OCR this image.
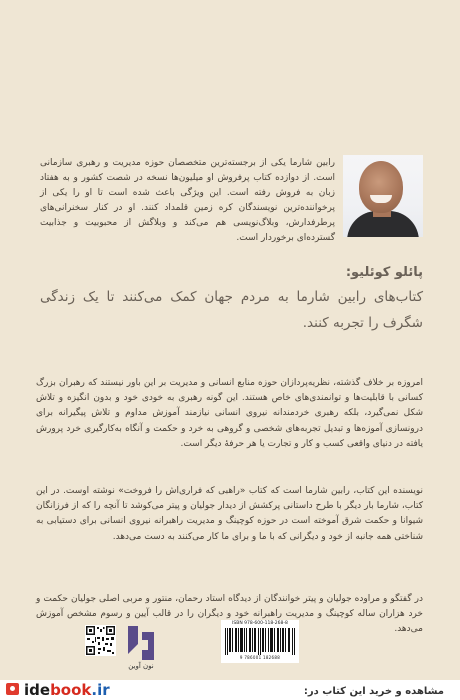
رابین شارما یکی از برجسته‌ترین متخصصان حوزه مدیریت و رهبری سازمانی است. از دوازده کتاب پرفروش او میلیون‌ها نسخه در شصت کشور و به هفتاد زبان به فروش رفته است. این ویژگی باعث شده است تا او را یکی از پرخواننده‌ترین نویسندگان کره زمین قلمداد کنند. او در کنار سخنرانی‌های پرطرفدارش، وبلاگ‌نویسی هم می‌کند و وبلاگش از محبوبیت و جذابیت گسترده‌ای برخوردار است.
پائلو کوئلیو:
کتاب‌های رابین شارما به مردم جهان کمک می‌کنند تا یک زندگی شگرف را تجربه کنند.
امروزه بر خلاف گذشته، نظریه‌پردازان حوزه منابع انسانی و مدیریت بر این باور نیستند که رهبران بزرگ کسانی با قابلیت‌ها و توانمندی‌های خاص هستند. این گونه رهبری به خودی خود و بدون انگیزه و تلاش شکل نمی‌گیرد، بلکه رهبری خردمندانه نیروی انسانی نیازمند آموزش مداوم و تلاش پیگیرانه برای درونسازی آموزه‌ها و تبدیل تجربه‌های شخصی و گروهی به خرد و حکمت و آنگاه به‌کارگیری خرد پرورش یافته در دنیای واقعی کسب و کار و تجارت یا هر حرفهٔ دیگر است.
نویسنده این کتاب، رابین شارما است که کتاب «راهبی که فراری‌اش را فروخت» نوشته اوست. در این کتاب، شارما بار دیگر با طرح داستانی پرکشش از دیدار جولیان و پیتر می‌کوشد تا آنچه را که از فرزانگان شیوانا و حکمت شرق آموخته است در حوزه کوچینگ و مدیریت راهبرانه نیروی انسانی برای دستیابی به شناختی همه جانبه از خود و دیگرانی که با ما و برای ما کار می‌کنند به دست می‌دهد.
در گفتگو و مراوده جولیان و پیتر خوانندگان از دیدگاه استاد رحمان، منتور و مربی اصلی جولیان حکمت و خرد هزاران ساله کوچینگ و مدیریت راهبرانه خود و دیگران را در قالب آیین و رسوم مشخص آموزش می‌دهد.
نون آوین
ISBN 978-600-118-268-8
9 786001 182688
idebook.ir	مشاهده و خرید این کتاب در:
